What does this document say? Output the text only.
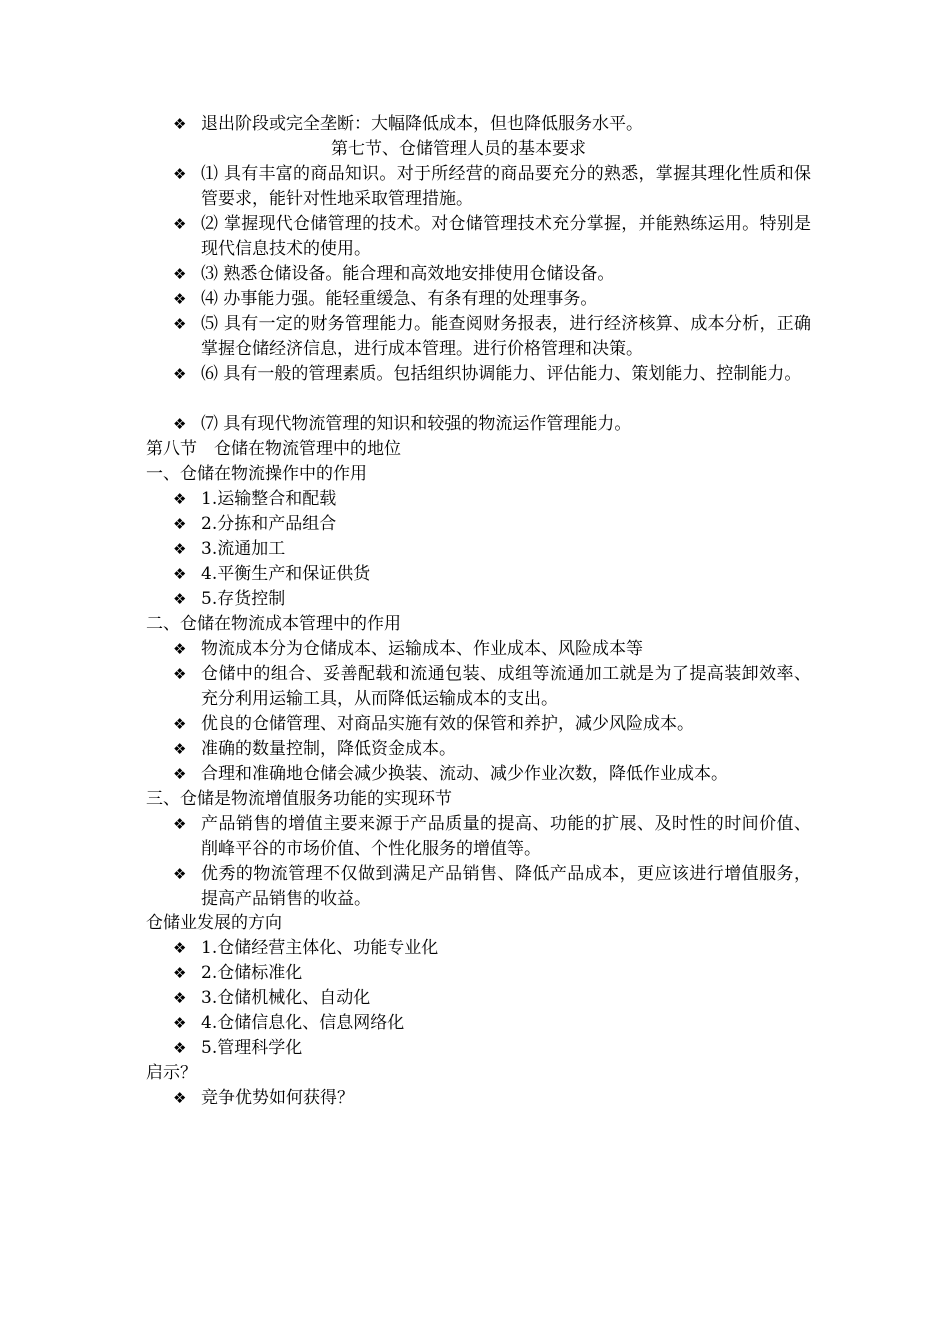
❖ 退出阶段或完全垄断：大幅降低成本，但也降低服务水平。
第七节、仓储管理人员的基本要求
❖ ⑴ 具有丰富的商品知识。对于所经营的商品要充分的熟悉，掌握其理化性质和保管要求，能针对性地采取管理措施。
❖ ⑵ 掌握现代仓储管理的技术。对仓储管理技术充分掌握，并能熟练运用。特别是现代信息技术的使用。
❖ ⑶ 熟悉仓储设备。能合理和高效地安排使用仓储设备。
❖ ⑷ 办事能力强。能轻重缓急、有条有理的处理事务。
❖ ⑸ 具有一定的财务管理能力。能查阅财务报表，进行经济核算、成本分析，正确掌握仓储经济信息，进行成本管理。进行价格管理和决策。
❖ ⑹ 具有一般的管理素质。包括组织协调能力、评估能力、策划能力、控制能力。
❖ ⑺ 具有现代物流管理的知识和较强的物流运作管理能力。
第八节　仓储在物流管理中的地位
一、仓储在物流操作中的作用
❖ 1.运输整合和配载
❖ 2.分拣和产品组合
❖ 3.流通加工
❖ 4.平衡生产和保证供货
❖ 5.存货控制
二、仓储在物流成本管理中的作用
❖ 物流成本分为仓储成本、运输成本、作业成本、风险成本等
❖ 仓储中的组合、妥善配载和流通包装、成组等流通加工就是为了提高装卸效率、充分利用运输工具，从而降低运输成本的支出。
❖ 优良的仓储管理、对商品实施有效的保管和养护，减少风险成本。
❖ 准确的数量控制，降低资金成本。
❖ 合理和准确地仓储会减少换装、流动、减少作业次数，降低作业成本。
三、仓储是物流增值服务功能的实现环节
❖ 产品销售的增值主要来源于产品质量的提高、功能的扩展、及时性的时间价值、削峰平谷的市场价值、个性化服务的增值等。
❖ 优秀的物流管理不仅做到满足产品销售、降低产品成本，更应该进行增值服务，提高产品销售的收益。
仓储业发展的方向
❖ 1.仓储经营主体化、功能专业化
❖ 2.仓储标准化
❖ 3.仓储机械化、自动化
❖ 4.仓储信息化、信息网络化
❖ 5.管理科学化
启示？
❖ 竞争优势如何获得？
